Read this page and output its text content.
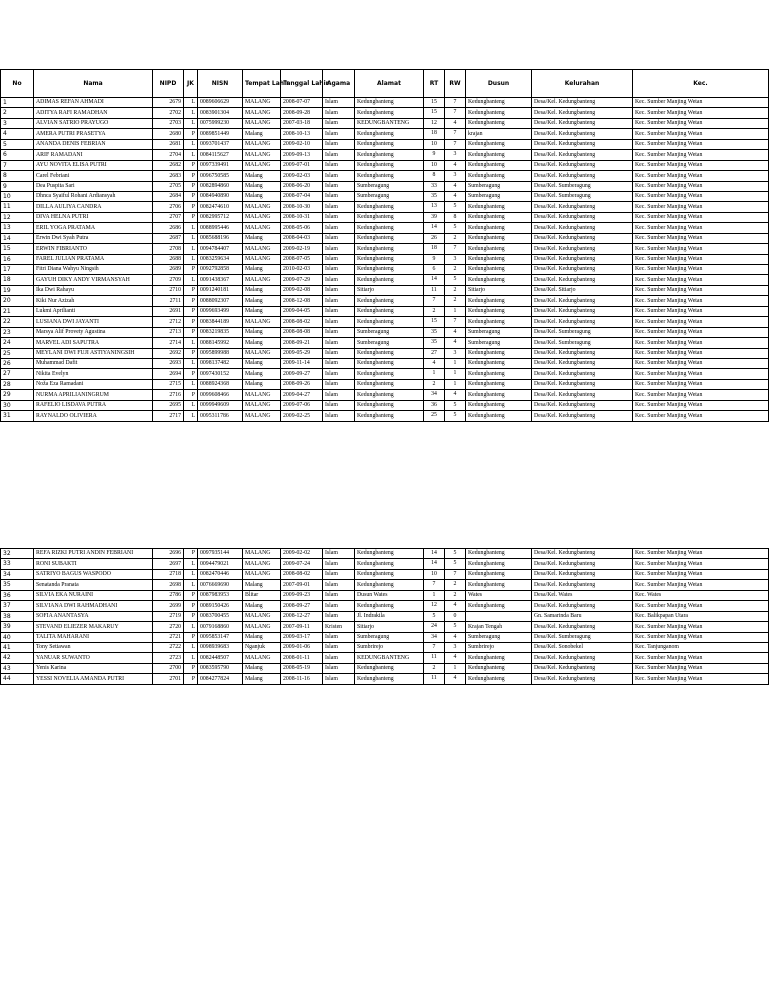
No	Nama	NIPD	JK	NISN	Tempat Lahir	Tanggal Lahir	Agama	Alamat	RT	RW	Dusun	Kelurahan	Kec.
1	ADIMAS REFAN AHMADI	2679	L	0089606629	MALANG	2008-07-07	Islam	Kedungbanteng	15	7	Kedungbanteng	Desa/Kel. Kedungbanteng	Kec. Sumber Manjing Wetan
2	ADITYA RAFI RAMADHAN	2702	L	0083901304	MALANG	2008-09-28	Islam	Kedungbanteng	15	7	Kedungbanteng	Desa/Kel. Kedungbanteng	Kec. Sumber Manjing Wetan
3	ALVIAN SATRIO PRAYUGO	2703	L	0075999230	MALANG	2007-03-18	Islam	KEDUNGBANTENG	12	4	Kedungbanteng	Desa/Kel. Kedungbanteng	Kec. Sumber Manjing Wetan
4	AMERA PUTRI PRASETYA	2680	P	0089851449	Malang	2008-10-13	Islam	Kedungbanteng	18	7	krajan	Desa/Kel. Kedungbanteng	Kec. Sumber Manjing Wetan
5	ANANDA DENIS FEBRIAN	2681	L	0093701437	MALANG	2009-02-10	Islam	Kedungbanteng	10	7	Kedungbanteng	Desa/Kel. Kedungbanteng	Kec. Sumber Manjing Wetan
6	ARIF RAMADANI	2704	L	0084115627	MALANG	2009-09-13	Islam	Kedungbanteng	9	3	Kedungbanteng	Desa/Kel. Kedungbanteng	Kec. Sumber Manjing Wetan
7	AYU NOVITA ELISA PUTRI	2682	P	0097339491	MALANG	2009-07-01	Islam	Kedungbanteng	10	4	Kedungbanteng	Desa/Kel. Kedungbanteng	Kec. Sumber Manjing Wetan
8	Carel Febriani	2683	P	0096750585	Malang	2009-02-03	Islam	Kedungbanteng	8	3	Kedungbanteng	Desa/Kel. Kedungbanteng	Kec. Sumber Manjing Wetan
9	Dea Puspita Sari	2705	P	0082894860	Malang	2008-06-20	Islam	Sumberagung	33	4	Sumberagung	Desa/Kel. Sumberagung	Kec. Sumber Manjing Wetan
10	Dhnca Syaiful Rohani Ardiansyah	2684	P	0084940890	Malang	2008-07-04	Islam	Sumberagung	35	4	Sumberagung	Desa/Kel. Sumberagung	Kec. Sumber Manjing Wetan
11	DILLA AULIYA CANDRA	2706	P	0082474610	MALANG	2008-10-30	Islam	Kedungbanteng	13	5	Kedungbanteng	Desa/Kel. Kedungbanteng	Kec. Sumber Manjing Wetan
12	DIVA HELNA PUTRI	2707	P	0082995712	MALANG	2008-10-31	Islam	Kedungbanteng	39	8	Kedungbanteng	Desa/Kel. Kedungbanteng	Kec. Sumber Manjing Wetan
13	ERIL YOGA PRATAMA	2686	L	0088995446	MALANG	2008-05-06	Islam	Kedungbanteng	14	5	Kedungbanteng	Desa/Kel. Kedungbanteng	Kec. Sumber Manjing Wetan
14	Erwin Dwi Syah Putra	2687	L	0085688196	Malang	2008-04-03	Islam	Kedungbanteng	26	2	Kedungbanteng	Desa/Kel. Kedungbanteng	Kec. Sumber Manjing Wetan
15	ERWIN FIBRIANTO	2708	L	0094784407	MALANG	2009-02-19	Islam	Kedungbanteng	18	7	Kedungbanteng	Desa/Kel. Kedungbanteng	Kec. Sumber Manjing Wetan
16	FAREL JULIAN PRATAMA	2688	L	0083259634	MALANG	2008-07-05	Islam	Kedungbanteng	9	3	Kedungbanteng	Desa/Kel. Kedungbanteng	Kec. Sumber Manjing Wetan
17	Fitri Diana Wahyu Ningsih	2689	P	0092792858	Malang	2010-02-03	Islam	Kedungbanteng	6	2	Kedungbanteng	Desa/Kel. Kedungbanteng	Kec. Sumber Manjing Wetan
18	GAYUH DIKY ANDY VIRMANSYAH	2709	L	0091438367	MALANG	2009-07-29	Islam	Kedungbanteng	14	5	Kedungbanteng	Desa/Kel. Kedungbanteng	Kec. Sumber Manjing Wetan
19	Ika Dwi Rahayu	2710	P	0091240181	Malang	2009-02-08	Islam	Sitiarjo	11	2	Sitiarjo	Desa/Kel. Sitiarjo	Kec. Sumber Manjing Wetan
20	Kiki Nur Azizah	2711	P	0088092307	Malang	2008-12-08	Islam	Kedungbanteng	7	2	Kedungbanteng	Desa/Kel. Kedungbanteng	Kec. Sumber Manjing Wetan
21	Lukmi Aprilianti	2691	P	0099693499	Malang	2009-04-05	Islam	Kedungbanteng	2	1	Kedungbanteng	Desa/Kel. Kedungbanteng	Kec. Sumber Manjing Wetan
22	LUSIANA DWI JAYANTI	2712	P	0083844189	MALANG	2008-08-02	Islam	Kedungbanteng	15	7	Kedungbanteng	Desa/Kel. Kedungbanteng	Kec. Sumber Manjing Wetan
23	Marsya Alif Provety Agustina	2713	P	0083219835	Malang	2008-08-08	Islam	Sumberagung	35	4	Sumberagung	Desa/Kel. Sumberagung	Kec. Sumber Manjing Wetan
24	MARVEL ADI SAPUTRA	2714	L	0088145992	Malang	2008-09-21	Islam	Sumberagung	35	4	Sumberagung	Desa/Kel. Sumberagung	Kec. Sumber Manjing Wetan
25	MEYLANI DWI FUJI ASTIYANINGSIH	2692	P	0095899988	MALANG	2009-05-29	Islam	Kedungbanteng	27	3	Kedungbanteng	Desa/Kel. Kedungbanteng	Kec. Sumber Manjing Wetan
26	Muhammad Dafit	2693	L	0098137482	Malang	2009-11-14	Islam	Kedungbanteng	4	1	Kedungbanteng	Desa/Kel. Kedungbanteng	Kec. Sumber Manjing Wetan
27	Nikita Evelyn	2694	P	0097430152	Malang	2009-09-27	Islam	Kedungbanteng	1	1	Kedungbanteng	Desa/Kel. Kedungbanteng	Kec. Sumber Manjing Wetan
28	Noža Eza Ramadani	2715	L	0088924368	Malang	2008-09-26	Islam	Kedungbanteng	2	1	Kedungbanteng	Desa/Kel. Kedungbanteng	Kec. Sumber Manjing Wetan
29	NURMA APRILIANINGRUM	2716	P	0099608466	MALANG	2009-04-27	Islam	Kedungbanteng	34	4	Kedungbanteng	Desa/Kel. Kedungbanteng	Kec. Sumber Manjing Wetan
30	RAFELIO LISDAVA PUTRA	2695	L	0099949609	MALANG	2009-07-06	Islam	Kedungbanteng	36	5	Kedungbanteng	Desa/Kel. Kedungbanteng	Kec. Sumber Manjing Wetan
31	RAYNALDO OLIVIERA	2717	L	0095311786	MALANG	2009-02-25	Islam	Kedungbanteng	25	5	Kedungbanteng	Desa/Kel. Kedungbanteng	Kec. Sumber Manjing Wetan
32	REFA RIZKI PUTRI ANDIN FEBRIANI	2696	P	0097935144	MALANG	2009-02-02	Islam	Kedungbanteng	14	5	Kedungbanteng	Desa/Kel. Kedungbanteng	Kec. Sumber Manjing Wetan
33	RONI SUBAKTI	2697	L	0094479021	MALANG	2009-07-24	Islam	Kedungbanteng	14	5	Kedungbanteng	Desa/Kel. Kedungbanteng	Kec. Sumber Manjing Wetan
34	SATRIYO BAGUS WASPODO	2718	L	0082470446	MALANG	2008-08-02	Islam	Kedungbanteng	10	7	Kedungbanteng	Desa/Kel. Kedungbanteng	Kec. Sumber Manjing Wetan
35	Senatanda Pranata	2698	L	0076669690	Malang	2007-09-01	Islam	Kedungbanteng	7	2	Kedungbanteng	Desa/Kel. Kedungbanteng	Kec. Sumber Manjing Wetan
36	SILVIA EKA NURAINI	2786	P	0087983953	Blitar	2009-09-23	Islam	Dusun Wates	1	2	Wates	Desa/Kel. Wates	Kec. Wates
37	SILVIANA DWI RAHMADHANI	2699	P	0089150426	Malang	2008-09-27	Islam	Kedungbanteng	12	4	Kedungbanteng	Desa/Kel. Kedungbanteng	Kec. Sumber Manjing Wetan
38	SOFIA ANANTASYA	2719	P	0083700455	MALANG	2008-12-27	Islam	Jl. Indrakila	5	0		Gn. Samarinda Baru	Kec. Balikpapan Utara
39	STEVAND ELIEZER MAKARUY	2720	L	0079168860	MALANG	2007-09-11	Kristen	Sitiarjo	24	5	Krajan Tengah	Desa/Kel. Kedungbanteng	Kec. Sumber Manjing Wetan
40	TALITA MAHARANI	2721	P	0095853147	Malang	2009-03-17	Islam	Sumberagung	34	4	Sumberagung	Desa/Kel. Sumberagung	Kec. Sumber Manjing Wetan
41	Tony Setiawan	2722	L	0098939683	Nganjuk	2009-01-06	Islam	Sumbrirejo	7	3	Sumbrirejo	Desa/Kel. Sonobekel	Kec. Tanjunganom
42	YANUAR SUWANTO	2723	L	0082448507	MALANG	2008-01-11	Islam	KEDUNGBANTENG	11	4	Kedungbanteng	Desa/Kel. Kedungbanteng	Kec. Sumber Manjing Wetan
43	Yenis Karina	2700	P	0083595790	Malang	2008-05-19	Islam	Kedungbanteng	2	1	Kedungbanteng	Desa/Kel. Kedungbanteng	Kec. Sumber Manjing Wetan
44	YESSI NOVELIA AMANDA PUTRI	2701	P	0084277824	Malang	2008-11-16	Islam	Kedungbanteng	11	4	Kedungbanteng	Desa/Kel. Kedungbanteng	Kec. Sumber Manjing Wetan
